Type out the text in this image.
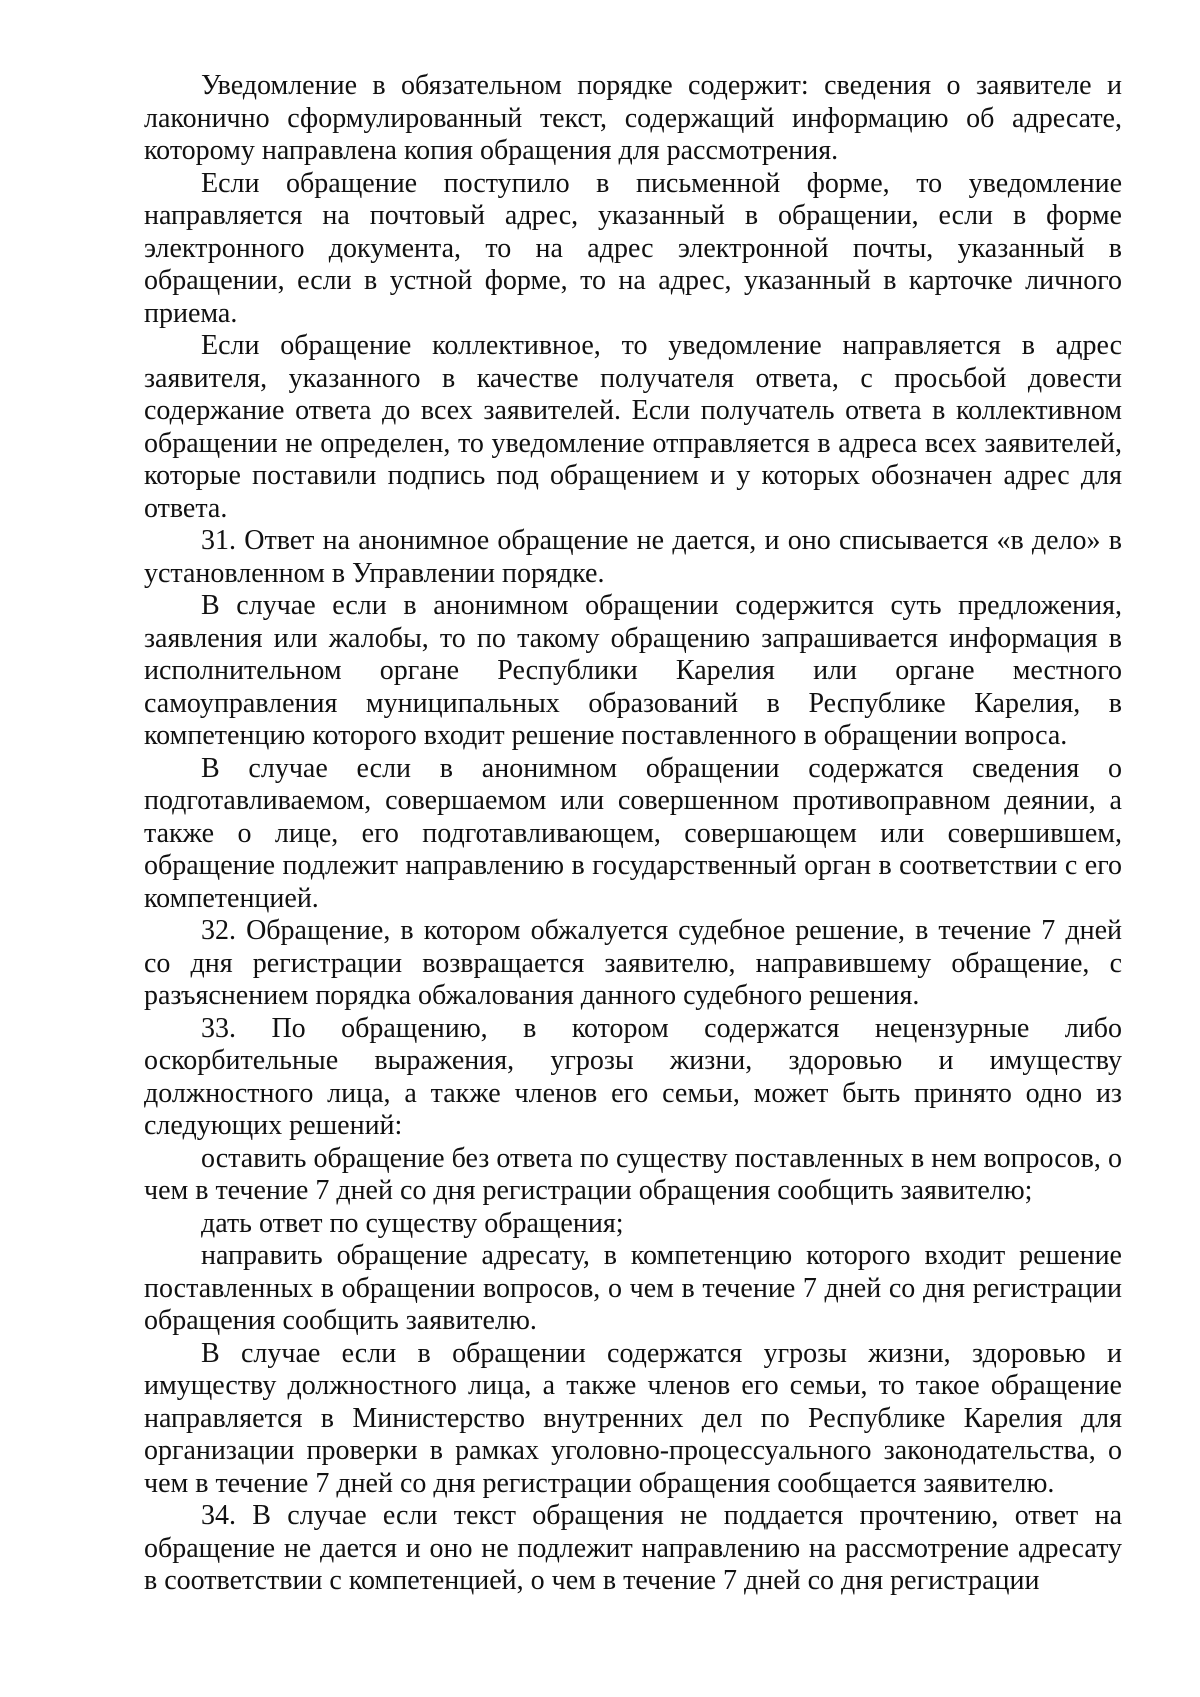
Уведомление в обязательном порядке содержит: сведения о заявителе и лаконично сформулированный текст, содержащий информацию об адресате, которому направлена копия обращения для рассмотрения.

Если обращение поступило в письменной форме, то уведомление направляется на почтовый адрес, указанный в обращении, если в форме электронного документа, то на адрес электронной почты, указанный в обращении, если в устной форме, то на адрес, указанный в карточке личного приема.

Если обращение коллективное, то уведомление направляется в адрес заявителя, указанного в качестве получателя ответа, с просьбой довести содержание ответа до всех заявителей. Если получатель ответа в коллективном обращении не определен, то уведомление отправляется в адреса всех заявителей, которые поставили подпись под обращением и у которых обозначен адрес для ответа.

31. Ответ на анонимное обращение не дается, и оно списывается «в дело» в установленном в Управлении порядке.

В случае если в анонимном обращении содержится суть предложения, заявления или жалобы, то по такому обращению запрашивается информация в исполнительном органе Республики Карелия или органе местного самоуправления муниципальных образований в Республике Карелия, в компетенцию которого входит решение поставленного в обращении вопроса.

В случае если в анонимном обращении содержатся сведения о подготавливаемом, совершаемом или совершенном противоправном деянии, а также о лице, его подготавливающем, совершающем или совершившем, обращение подлежит направлению в государственный орган в соответствии с его компетенцией.

32. Обращение, в котором обжалуется судебное решение, в течение 7 дней со дня регистрации возвращается заявителю, направившему обращение, с разъяснением порядка обжалования данного судебного решения.

33. По обращению, в котором содержатся нецензурные либо оскорбительные выражения, угрозы жизни, здоровью и имуществу должностного лица, а также членов его семьи, может быть принято одно из следующих решений:

оставить обращение без ответа по существу поставленных в нем вопросов, о чем в течение 7 дней со дня регистрации обращения сообщить заявителю;

дать ответ по существу обращения;

направить обращение адресату, в компетенцию которого входит решение поставленных в обращении вопросов, о чем в течение 7 дней со дня регистрации обращения сообщить заявителю.

В случае если в обращении содержатся угрозы жизни, здоровью и имуществу должностного лица, а также членов его семьи, то такое обращение направляется в Министерство внутренних дел по Республике Карелия для организации проверки в рамках уголовно-процессуального законодательства, о чем в течение 7 дней со дня регистрации обращения сообщается заявителю.

34. В случае если текст обращения не поддается прочтению, ответ на обращение не дается и оно не подлежит направлению на рассмотрение адресату в соответствии с компетенцией, о чем в течение 7 дней со дня регистрации
